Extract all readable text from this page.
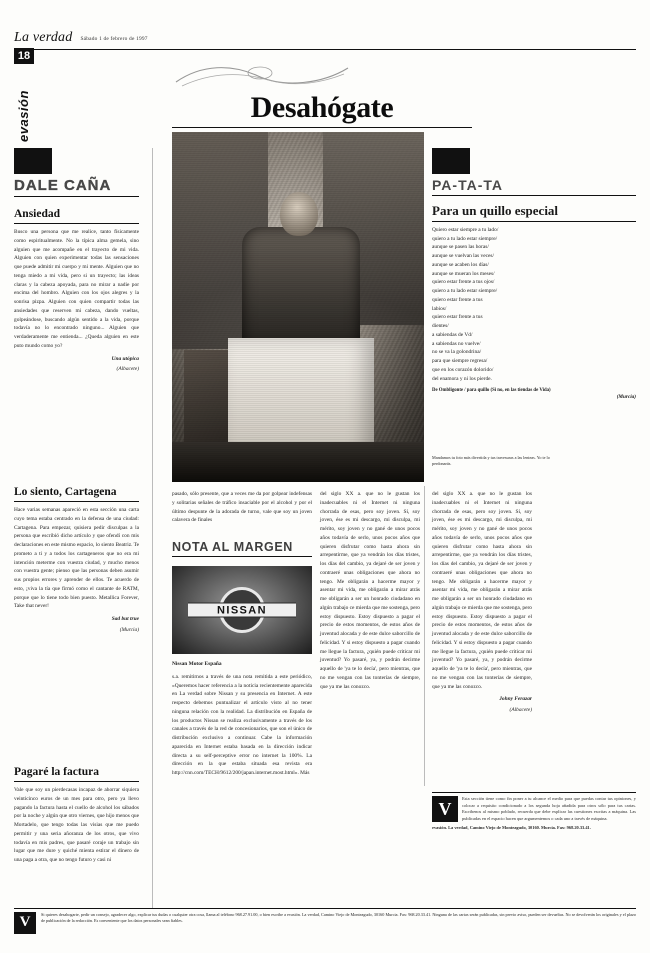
La verdad Sábado 1 de febrero de 1997
18
evasión	Desahógate
DALE CAÑA
Ansiedad

Busco una persona que me realice, tanto físicamente como espiritualmente. No la típica alma gemela, sino alguien que me acompañe en el trayecto de mi vida. Alguien con quien experimentar todas las sensaciones que puede admitir mi cuerpo y mi mente. Alguien que no tenga miedo a mi vida, pero si un trayecto; las ideas claras y la cabeza apoyada, para no mirar a nadie por encima del hombro. Alguien con los ojos alegres y la sonrisa pizpa. Alguien con quien compartir todas las ansiedades que reserven mi cabeza, dando vueltas, golpeándose, buscando algún sentido a la vida, porque todavía no lo encontrado ninguno... Alguien que verdaderamente me entienda... ¿Queda alguien en este puto mundo como yo?

Una utópica
(Albacete)
Lo siento, Cartagena

Hace varias semanas apareció en esta sección una carta cuyo tema estaba centrado en la defensa de una ciudad: Cartagena. Para empezar, quisiera pedir disculpas a la persona que escribió dicho artículo y que ofendí con mis declaraciones en este mismo espacio, lo siento Beatriz. Te prometo a ti y a todos los cartageneros que no era mi intención meterme con vuestra ciudad, y mucho menos con vuestra gente; pienso que las personas deben asumir sus propios errores y aprender de ellos. Te acuerdo de esto, ¡viva la tía que firmó como el cantante de RATM, porque que lo tiene todo bien puesto. Metallica Forever, Take that never!

Sad but true
(Murcia)
Pagaré la factura

Vale que soy un pierdecasas incapaz de ahorrar siquiera veinticinco euros de un mes para otro, pero ya llevo pagando la factura hasta el cuello de alcohol los sábados por la noche y algún que otro viernes, que hijo menos que Mortadelo, que tengo todas las visias que me puedo permitir y una seria añoranza de los otros, que vivo todavía en mis padres, que pasaré coraje un trabajo sin lugar que me dure y quiché mienta estirar el dinero de una paga a otra, que no tengo futuro y casi ni

PA-TA-TA
Para un quillo especial
Quiero estar siempre a tu lado/
quiero a tu lado estar siempre/
aunque se pasen las horas/
aunque se vuelvan las veces/
aunque se acaben los días/
aunque se mueran los meses/
quiero estar frente a tus ojos/
quiero a tu lado estar siempre/
quiero estar frente a tus
labios/
quiero estar frente a tus
dientes/
a sabiendas de Vd/
a sabiendas no vuelve/
no se va la golondrina/
para que siempre regresa/
que en los corazón dolorido/
del enamora y ni los pierde.
De Ombligonte / para quillo (Si no, en las tiendas de Vida)
(Murcia)
Mandamos tu foto más divertida y tus travesuras a las lenteas. Yo te lo perdonarás.

pasado, sólo presente, que a veces me da por golpear indefensas y solitarias señales de tráfico insaciable por el alcohol y por el último despunte de la adorada de turno, vale que soy un joven calavera de finales

NOTA AL MARGEN
NISSAN

Nissan Motor España

s.a. remitirnos a través de una nota remitida a este periódico, «Queremos hacer referencia a la noticia recientemente aparecida en La verdad sobre Nissan y su presencia en Internet. A este respecto debemos puntualizar el artículo visto al no tener ninguna relación con la realidad. La distribución en España de los productos Nissan se realiza exclusivamente a través de los canales a través de la red de concesionarios, que son el único de distribución exclusivo a continuar. Cabe la información aparecida en Internet estaba basada en la dirección indicar directa a su self-perceptive error no internet la 100%. La dirección en la que estaba situada esa revista era http://cnn.com/TECH/9612/200/japan.internet.most.html». Más

del siglo XX a. que no le gustan los inadecuables ni el Internet ni ninguna chorrada de esas, pero soy joven. Sí, soy joven, ése es mi descargo, mi disculpa, mi mérito, soy joven y no gané de unos pocos años todavía de serlo, unos pocos años que quieren disfrutar como hasta ahora sin arrepentirme, que ya vendrán los días tristes, los días del cambio, ya dejaré de ser joven y contraeré unas obligaciones que ahora no tengo. Me obligarán a hacerme mayor y asentar mi vida, me obligarán a mirar atrás me obligarán a ser un honrado ciudadano en algún trabajo ce mierda que me sostenga, pero estoy dispuesto. Estoy dispuesto a pagar el precio de estos momentos, de estos años de juventud alocada y de este dulce saborcillo de felicidad. Y si estoy dispuesto a pagar cuando me llegue la factura, ¿quién puede criticar mi juventud? Yo pasaré, ya, y podrán decirme aquello de 'ya te lo decía', pero mientras, que no me vengan con las tonterías de siempre, que ya me las conozco.

del siglo XX a. que no le gustan los inadecuables ni el Internet ni ninguna chorrada de esas, pero soy joven. Sí, soy joven, ése es mi descargo, mi disculpa, mi mérito, soy joven y no gané de unos pocos años todavía de serlo, unos pocos años que quieren disfrutar como hasta ahora sin arrepentirme, que ya vendrán los días tristes, los días del cambio, ya dejaré de ser joven y contraeré unas obligaciones que ahora no tengo. Me obligarán a hacerme mayor y asentar mi vida, me obligarán a mirar atrás me obligarán a ser un honrado ciudadano en algún trabajo ce mierda que me sostenga, pero estoy dispuesto. Estoy dispuesto a pagar el precio de estos momentos, de estos años de juventud alocada y de este dulce saborcillo de felicidad. Y si estoy dispuesto a pagar cuando me llegue la factura, ¿quién puede criticar mi juventud? Yo pasaré, ya, y podrán decirme aquello de 'ya te lo decía', pero mientras, que no me vengan con las tonterías de siempre, que ya me las conozco.

Johny Ferazar
(Albacete)
V	Esta sección tiene como fin poner a tu alcance el medio para que puedas contar tus opiniones, y colocar a requisito condicionado a los segunda hoja añadida para otros sólo para tus cartas. Escribenos al mismo poblado, recuerda que debe explicar las cuestiones escritas a máquina. Las publicadas en el espacio hacen que argumentemos o cada uno a través de máquina.
evasión. La verdad, Camino Viejo de Monteagudo, 30160. Murcia. Fax: 968.20.33.41.
V	Si quieres desahogarte, pedir un consejo, agradecer algo, explicar tus dudas o cualquier otra cosa, llama al teléfono 968.27.91.00, o bien escribe a evasión. La verdad, Camino Viejo de Monteagudo, 30160 Murcia. Fax: 968.20.33.41. Ninguna de las cartas serán publicadas, sin previo aviso, pueden ser devueltas. No se devolverán los originales y el plazo de publicación de la redacción. Es conveniente que los datos personales sean fiables.
